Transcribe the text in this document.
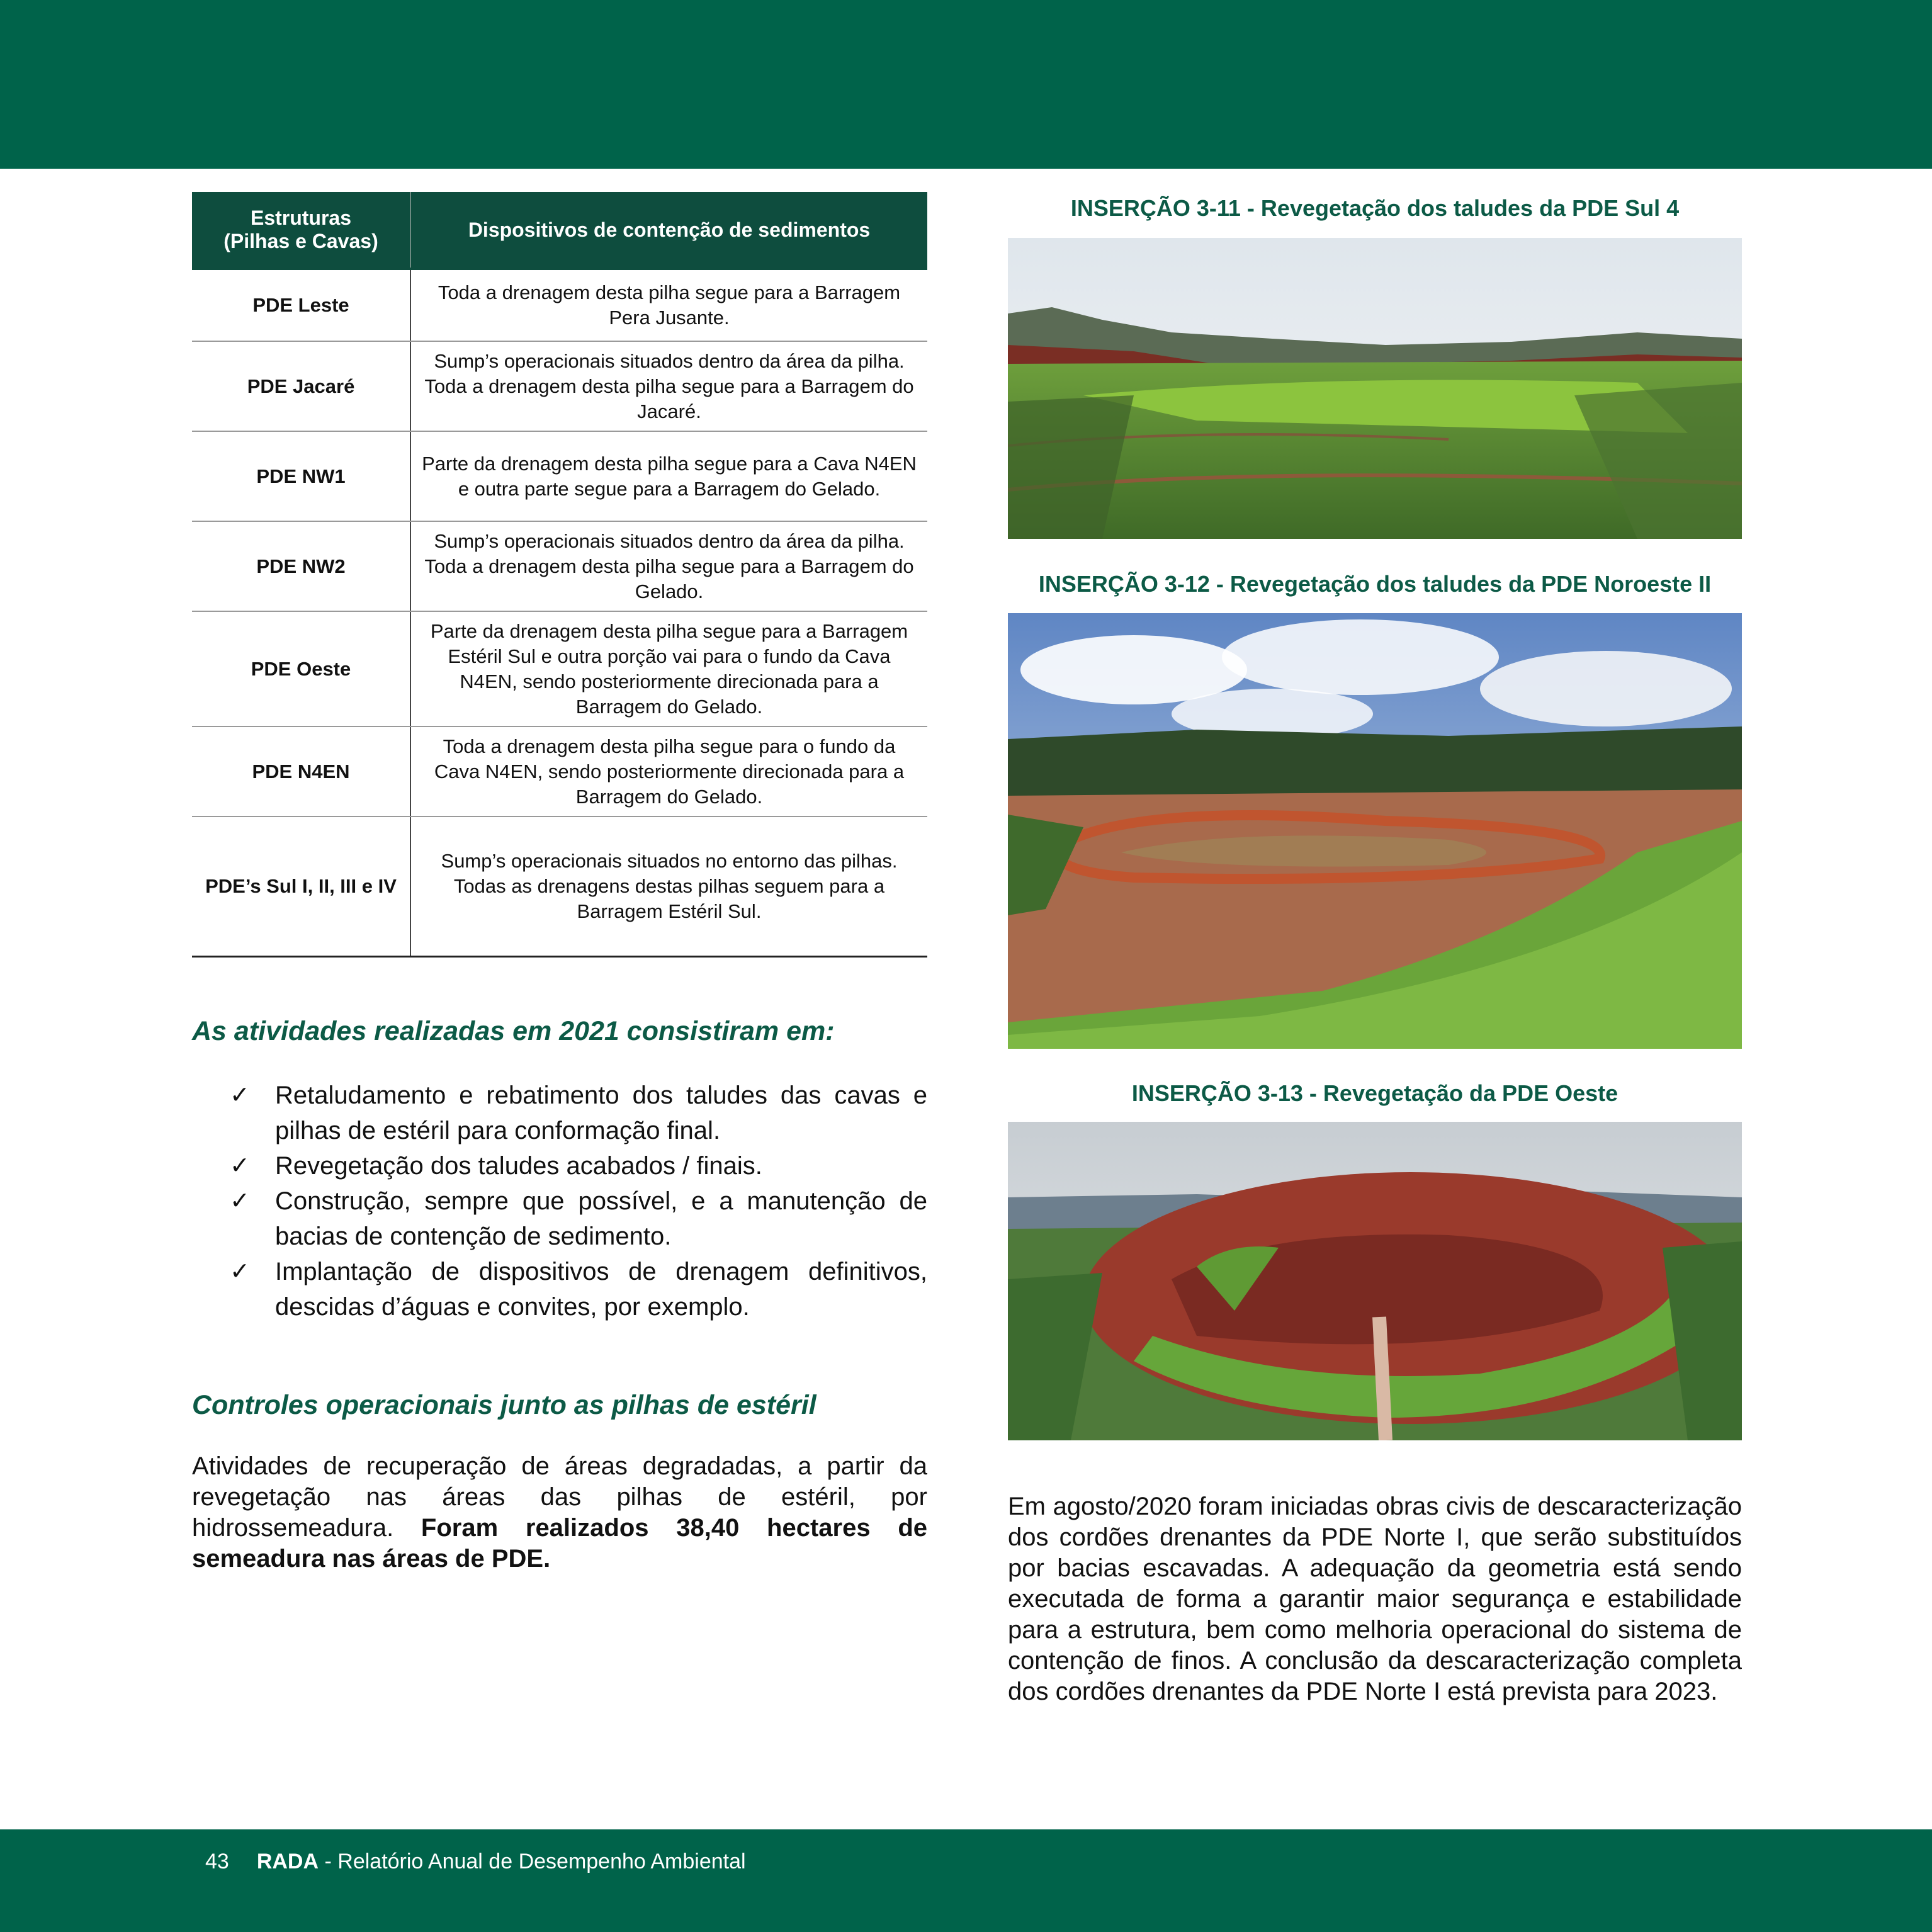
Estruturas
(Pilhas e Cavas)	Dispositivos de contenção de sedimentos
PDE Leste	Toda a drenagem desta pilha segue para a Barragem Pera Jusante.
PDE Jacaré	Sump’s operacionais situados dentro da área da pilha. Toda a drenagem desta pilha segue para a Barragem do Jacaré.
PDE NW1	Parte da drenagem desta pilha segue para a Cava N4EN e outra parte segue para a Barragem do Gelado.
PDE NW2	Sump’s operacionais situados dentro da área da pilha. Toda a drenagem desta pilha segue para a Barragem do Gelado.
PDE Oeste	Parte da drenagem desta pilha segue para a Barragem Estéril Sul e outra porção vai para o fundo da Cava N4EN, sendo posteriormente direcionada para a Barragem do Gelado.
PDE N4EN	Toda a drenagem desta pilha segue para o fundo da Cava N4EN, sendo posteriormente direcionada para a Barragem do Gelado.
PDE’s Sul I, II, III e IV	Sump’s operacionais situados no entorno das pilhas. Todas as drenagens destas pilhas seguem para a Barragem Estéril Sul.
As atividades realizadas em 2021 consistiram em:
✓ Retaludamento e rebatimento dos taludes das cavas e pilhas de estéril para conformação final.
✓ Revegetação dos taludes acabados / finais.
✓ Construção, sempre que possível, e a manutenção de bacias de contenção de sedimento.
✓ Implantação de dispositivos de drenagem definitivos, descidas d’águas e convites, por exemplo.
Controles operacionais junto as pilhas de estéril

Atividades de recuperação de áreas degradadas, a partir da revegetação nas áreas das pilhas de estéril, por hidrossemeadura. Foram realizados 38,40 hectares de semeadura nas áreas de PDE.

INSERÇÃO 3-11 - Revegetação dos taludes da PDE Sul 4
INSERÇÃO 3-12 - Revegetação dos taludes da PDE Noroeste II
INSERÇÃO 3-13 - Revegetação da PDE Oeste

Em agosto/2020 foram iniciadas obras civis de descaracterização dos cordões drenantes da PDE Norte I, que serão substituídos por bacias escavadas. A adequação da geometria está sendo executada de forma a garantir maior segurança e estabilidade para a estrutura, bem como melhoria operacional do sistema de contenção de finos. A conclusão da descaracterização completa dos cordões drenantes da PDE Norte I está prevista para 2023.

43 RADA - Relatório Anual de Desempenho Ambiental
